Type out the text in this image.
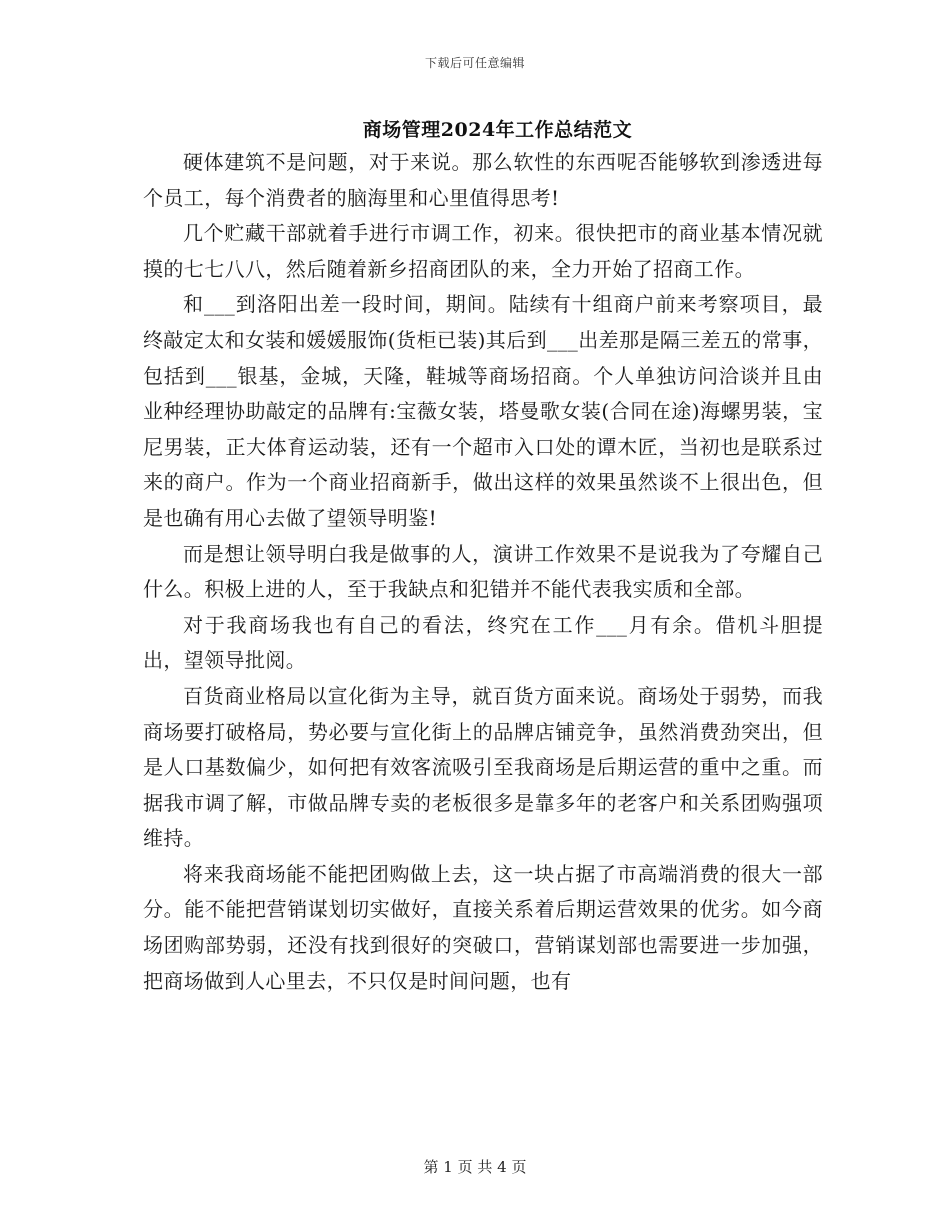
下载后可任意编辑
商场管理2024年工作总结范文

硬体建筑不是问题，对于来说。那么软性的东西呢否能够软到渗透进每个员工，每个消费者的脑海里和心里值得思考!

几个贮藏干部就着手进行市调工作，初来。很快把市的商业基本情况就摸的七七八八，然后随着新乡招商团队的来，全力开始了招商工作。

和___到洛阳出差一段时间，期间。陆续有十组商户前来考察项目，最终敲定太和女装和媛媛服饰(货柜已装)其后到___出差那是隔三差五的常事，包括到___银基，金城，天隆，鞋城等商场招商。个人单独访问洽谈并且由业种经理协助敲定的品牌有:宝薇女装，塔曼歌女装(合同在途)海螺男装，宝尼男装，正大体育运动装，还有一个超市入口处的谭木匠，当初也是联系过来的商户。作为一个商业招商新手，做出这样的效果虽然谈不上很出色，但是也确有用心去做了望领导明鉴!

而是想让领导明白我是做事的人，演讲工作效果不是说我为了夸耀自己什么。积极上进的人，至于我缺点和犯错并不能代表我实质和全部。

对于我商场我也有自己的看法，终究在工作___月有余。借机斗胆提出，望领导批阅。

百货商业格局以宣化街为主导，就百货方面来说。商场处于弱势，而我商场要打破格局，势必要与宣化街上的品牌店铺竞争，虽然消费劲突出，但是人口基数偏少，如何把有效客流吸引至我商场是后期运营的重中之重。而据我市调了解，市做品牌专卖的老板很多是靠多年的老客户和关系团购强项维持。

将来我商场能不能把团购做上去，这一块占据了市高端消费的很大一部分。能不能把营销谋划切实做好，直接关系着后期运营效果的优劣。如今商场团购部势弱，还没有找到很好的突破口，营销谋划部也需要进一步加强，把商场做到人心里去，不只仅是时间问题，也有

第 1 页 共 4 页
